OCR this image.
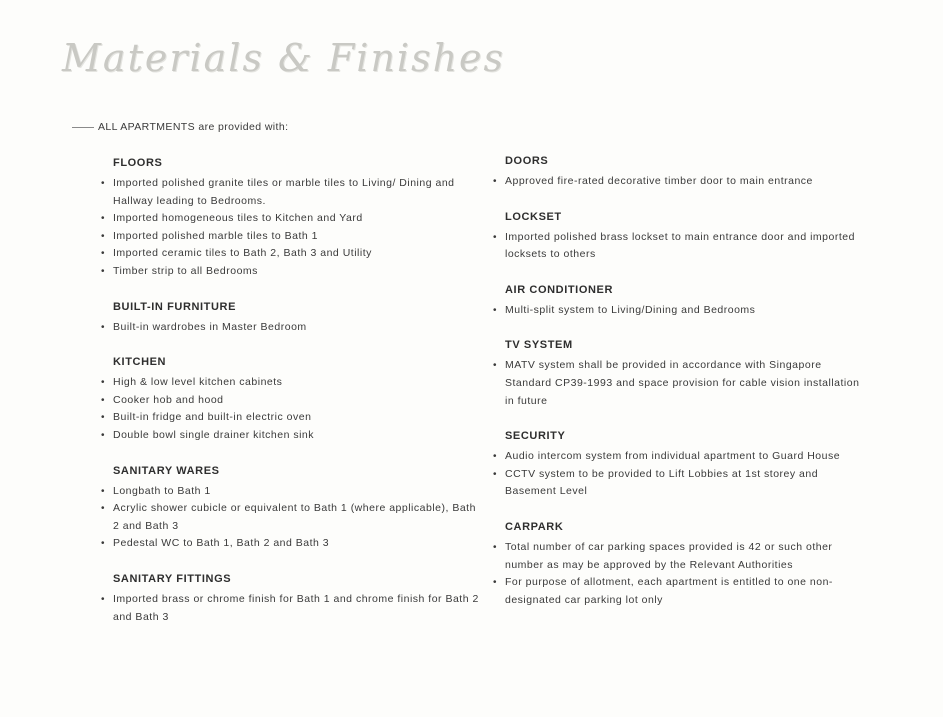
Materials & Finishes
ALL APARTMENTS are provided with:
FLOORS
• Imported polished granite tiles or marble tiles to Living/ Dining and Hallway leading to Bedrooms.
• Imported homogeneous tiles to Kitchen and Yard
• Imported polished marble tiles to Bath 1
• Imported ceramic tiles to Bath 2, Bath 3 and Utility
• Timber strip to all Bedrooms
BUILT-IN FURNITURE
• Built-in wardrobes in Master Bedroom
KITCHEN
• High & low level kitchen cabinets
• Cooker hob and hood
• Built-in fridge and built-in electric oven
• Double bowl single drainer kitchen sink
SANITARY WARES
• Longbath to Bath 1
• Acrylic shower cubicle or equivalent to Bath 1 (where applicable), Bath 2 and Bath 3
• Pedestal WC to Bath 1, Bath 2 and Bath 3
SANITARY FITTINGS
• Imported brass or chrome finish for Bath 1 and chrome finish for Bath 2 and Bath 3
DOORS
• Approved fire-rated decorative timber door to main entrance
LOCKSET
• Imported polished brass lockset to main entrance door and imported locksets to others
AIR CONDITIONER
• Multi-split system to Living/Dining and Bedrooms
TV SYSTEM
• MATV system shall be provided in accordance with Singapore Standard CP39-1993 and space provision for cable vision installation in future
SECURITY
• Audio intercom system from individual apartment to Guard House
• CCTV system to be provided to Lift Lobbies at 1st storey and Basement Level
CARPARK
• Total number of car parking spaces provided is 42 or such other number as may be approved by the Relevant Authorities
• For purpose of allotment, each apartment is entitled to one non-designated car parking lot only
